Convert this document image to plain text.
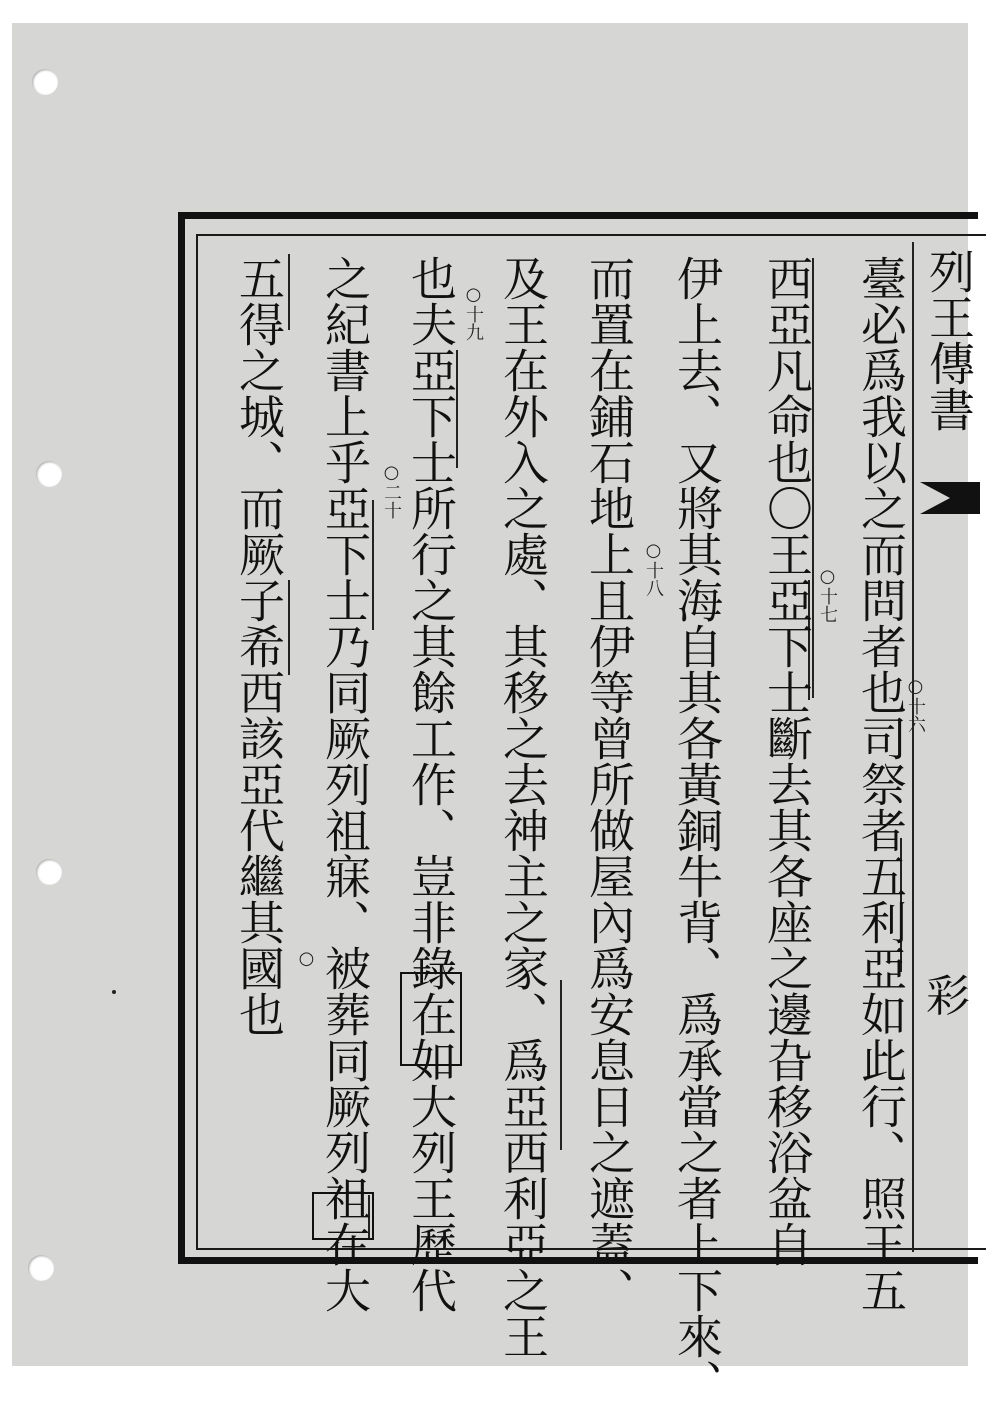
列王傳書
彩
臺必爲我以之而問者也司祭者五利亞如此行、照王五
西亞凡命也〇王亞下士斷去其各座之邊旮移浴盆自
伊上去、又將其海自其各黃銅牛背、爲承當之者上下來、
而置在鋪石地上且伊等曾所做屋內爲安息日之遮蓋、
及王在外入之處、其移之去神主之家、爲亞西利亞之王
也夫亞下士所行之其餘工作、豈非錄在如大列王歷代
之紀書上乎亞下士乃同厥列祖寐、被葬同厥列祖在大
五得之城、而厥子希西該亞代繼其國也	○十六
○十七
○十八
○十九
○二十
○
